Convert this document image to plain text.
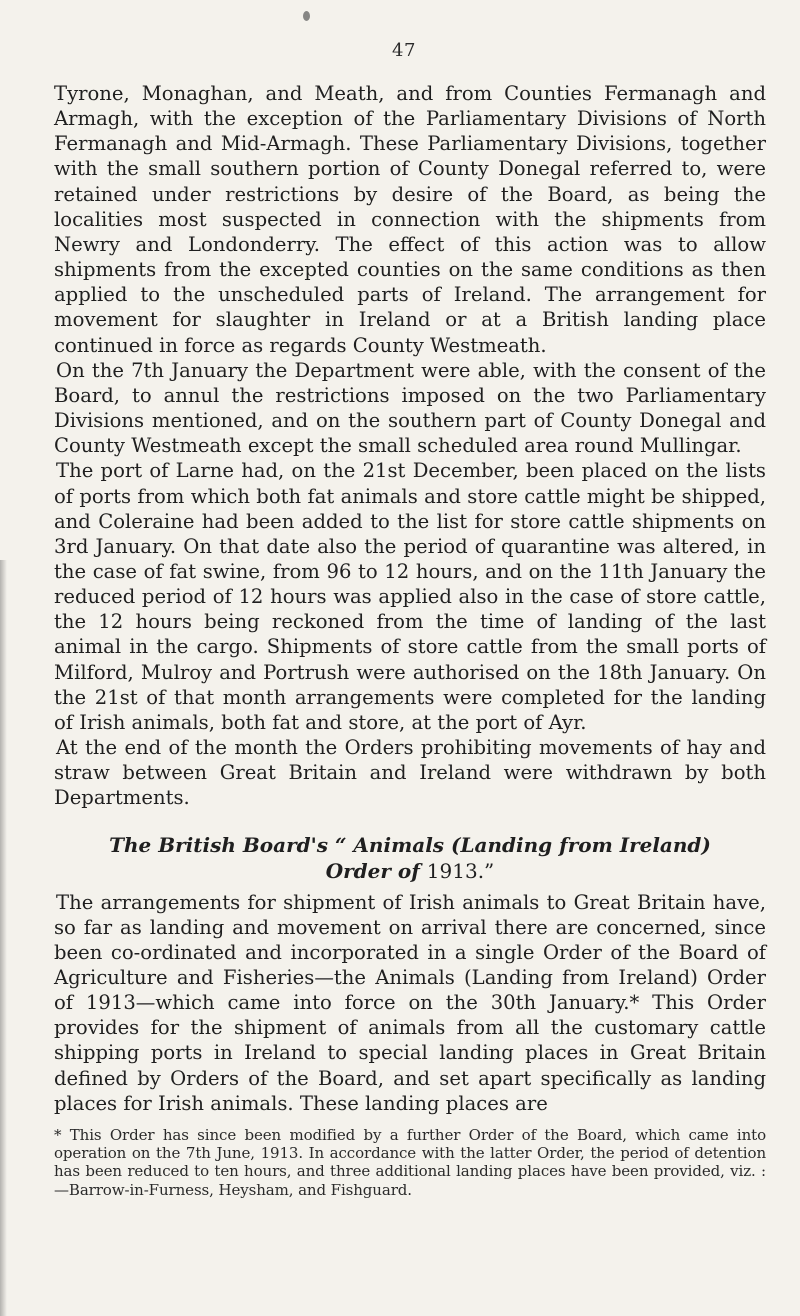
47

Tyrone, Monaghan, and Meath, and from Counties Fermanagh and Armagh, with the exception of the Parliamentary Divisions of North Fermanagh and Mid-Armagh. These Parliamentary Divisions, together with the small southern portion of County Donegal referred to, were retained under restrictions by desire of the Board, as being the localities most suspected in connection with the shipments from Newry and Londonderry. The effect of this action was to allow shipments from the excepted counties on the same conditions as then applied to the unscheduled parts of Ireland. The arrangement for movement for slaughter in Ireland or at a British landing place continued in force as regards County Westmeath.

On the 7th January the Department were able, with the consent of the Board, to annul the restrictions imposed on the two Parliamentary Divisions mentioned, and on the southern part of County Donegal and County Westmeath except the small scheduled area round Mullingar.

The port of Larne had, on the 21st December, been placed on the lists of ports from which both fat animals and store cattle might be shipped, and Coleraine had been added to the list for store cattle shipments on 3rd January. On that date also the period of quarantine was altered, in the case of fat swine, from 96 to 12 hours, and on the 11th January the reduced period of 12 hours was applied also in the case of store cattle, the 12 hours being reckoned from the time of landing of the last animal in the cargo. Shipments of store cattle from the small ports of Milford, Mulroy and Portrush were authorised on the 18th January. On the 21st of that month arrangements were completed for the landing of Irish animals, both fat and store, at the port of Ayr.

At the end of the month the Orders prohibiting movements of hay and straw between Great Britain and Ireland were withdrawn by both Departments.

The British Board's “ Animals (Landing from Ireland)
Order of 1913.”

The arrangements for shipment of Irish animals to Great Britain have, so far as landing and movement on arrival there are concerned, since been co-ordinated and incorporated in a single Order of the Board of Agriculture and Fisheries—the Animals (Landing from Ireland) Order of 1913—which came into force on the 30th January.* This Order provides for the shipment of animals from all the customary cattle shipping ports in Ireland to special landing places in Great Britain defined by Orders of the Board, and set apart specifically as landing places for Irish animals. These landing places are

* This Order has since been modified by a further Order of the Board, which came into operation on the 7th June, 1913. In accordance with the latter Order, the period of detention has been reduced to ten hours, and three additional landing places have been provided, viz. :—Barrow-in-Furness, Heysham, and Fishguard.
